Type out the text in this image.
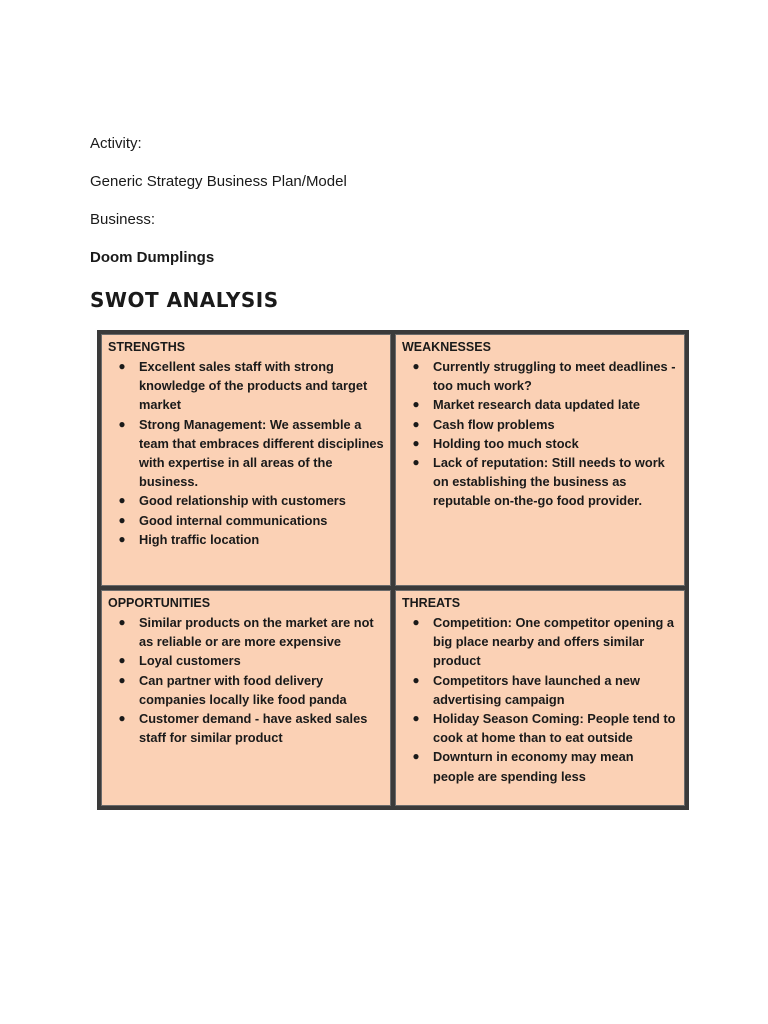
Activity:
Generic Strategy Business Plan/Model
Business:
Doom Dumplings
SWOT ANALYSIS
STRENGTHS
● Excellent sales staff with strong knowledge of the products and target market
● Strong Management: We assemble a team that embraces different disciplines with expertise in all areas of the business.
● Good relationship with customers
● Good internal communications
● High traffic location
WEAKNESSES
● Currently struggling to meet deadlines - too much work?
● Market research data updated late
● Cash flow problems
● Holding too much stock
● Lack of reputation: Still needs to work on establishing the business as reputable on-the-go food provider.
OPPORTUNITIES
● Similar products on the market are not as reliable or are more expensive
● Loyal customers
● Can partner with food delivery companies locally like food panda
● Customer demand - have asked sales staff for similar product
THREATS
● Competition: One competitor opening a big place nearby and offers similar product
● Competitors have launched a new advertising campaign
● Holiday Season Coming: People tend to cook at home than to eat outside
● Downturn in economy may mean people are spending less
